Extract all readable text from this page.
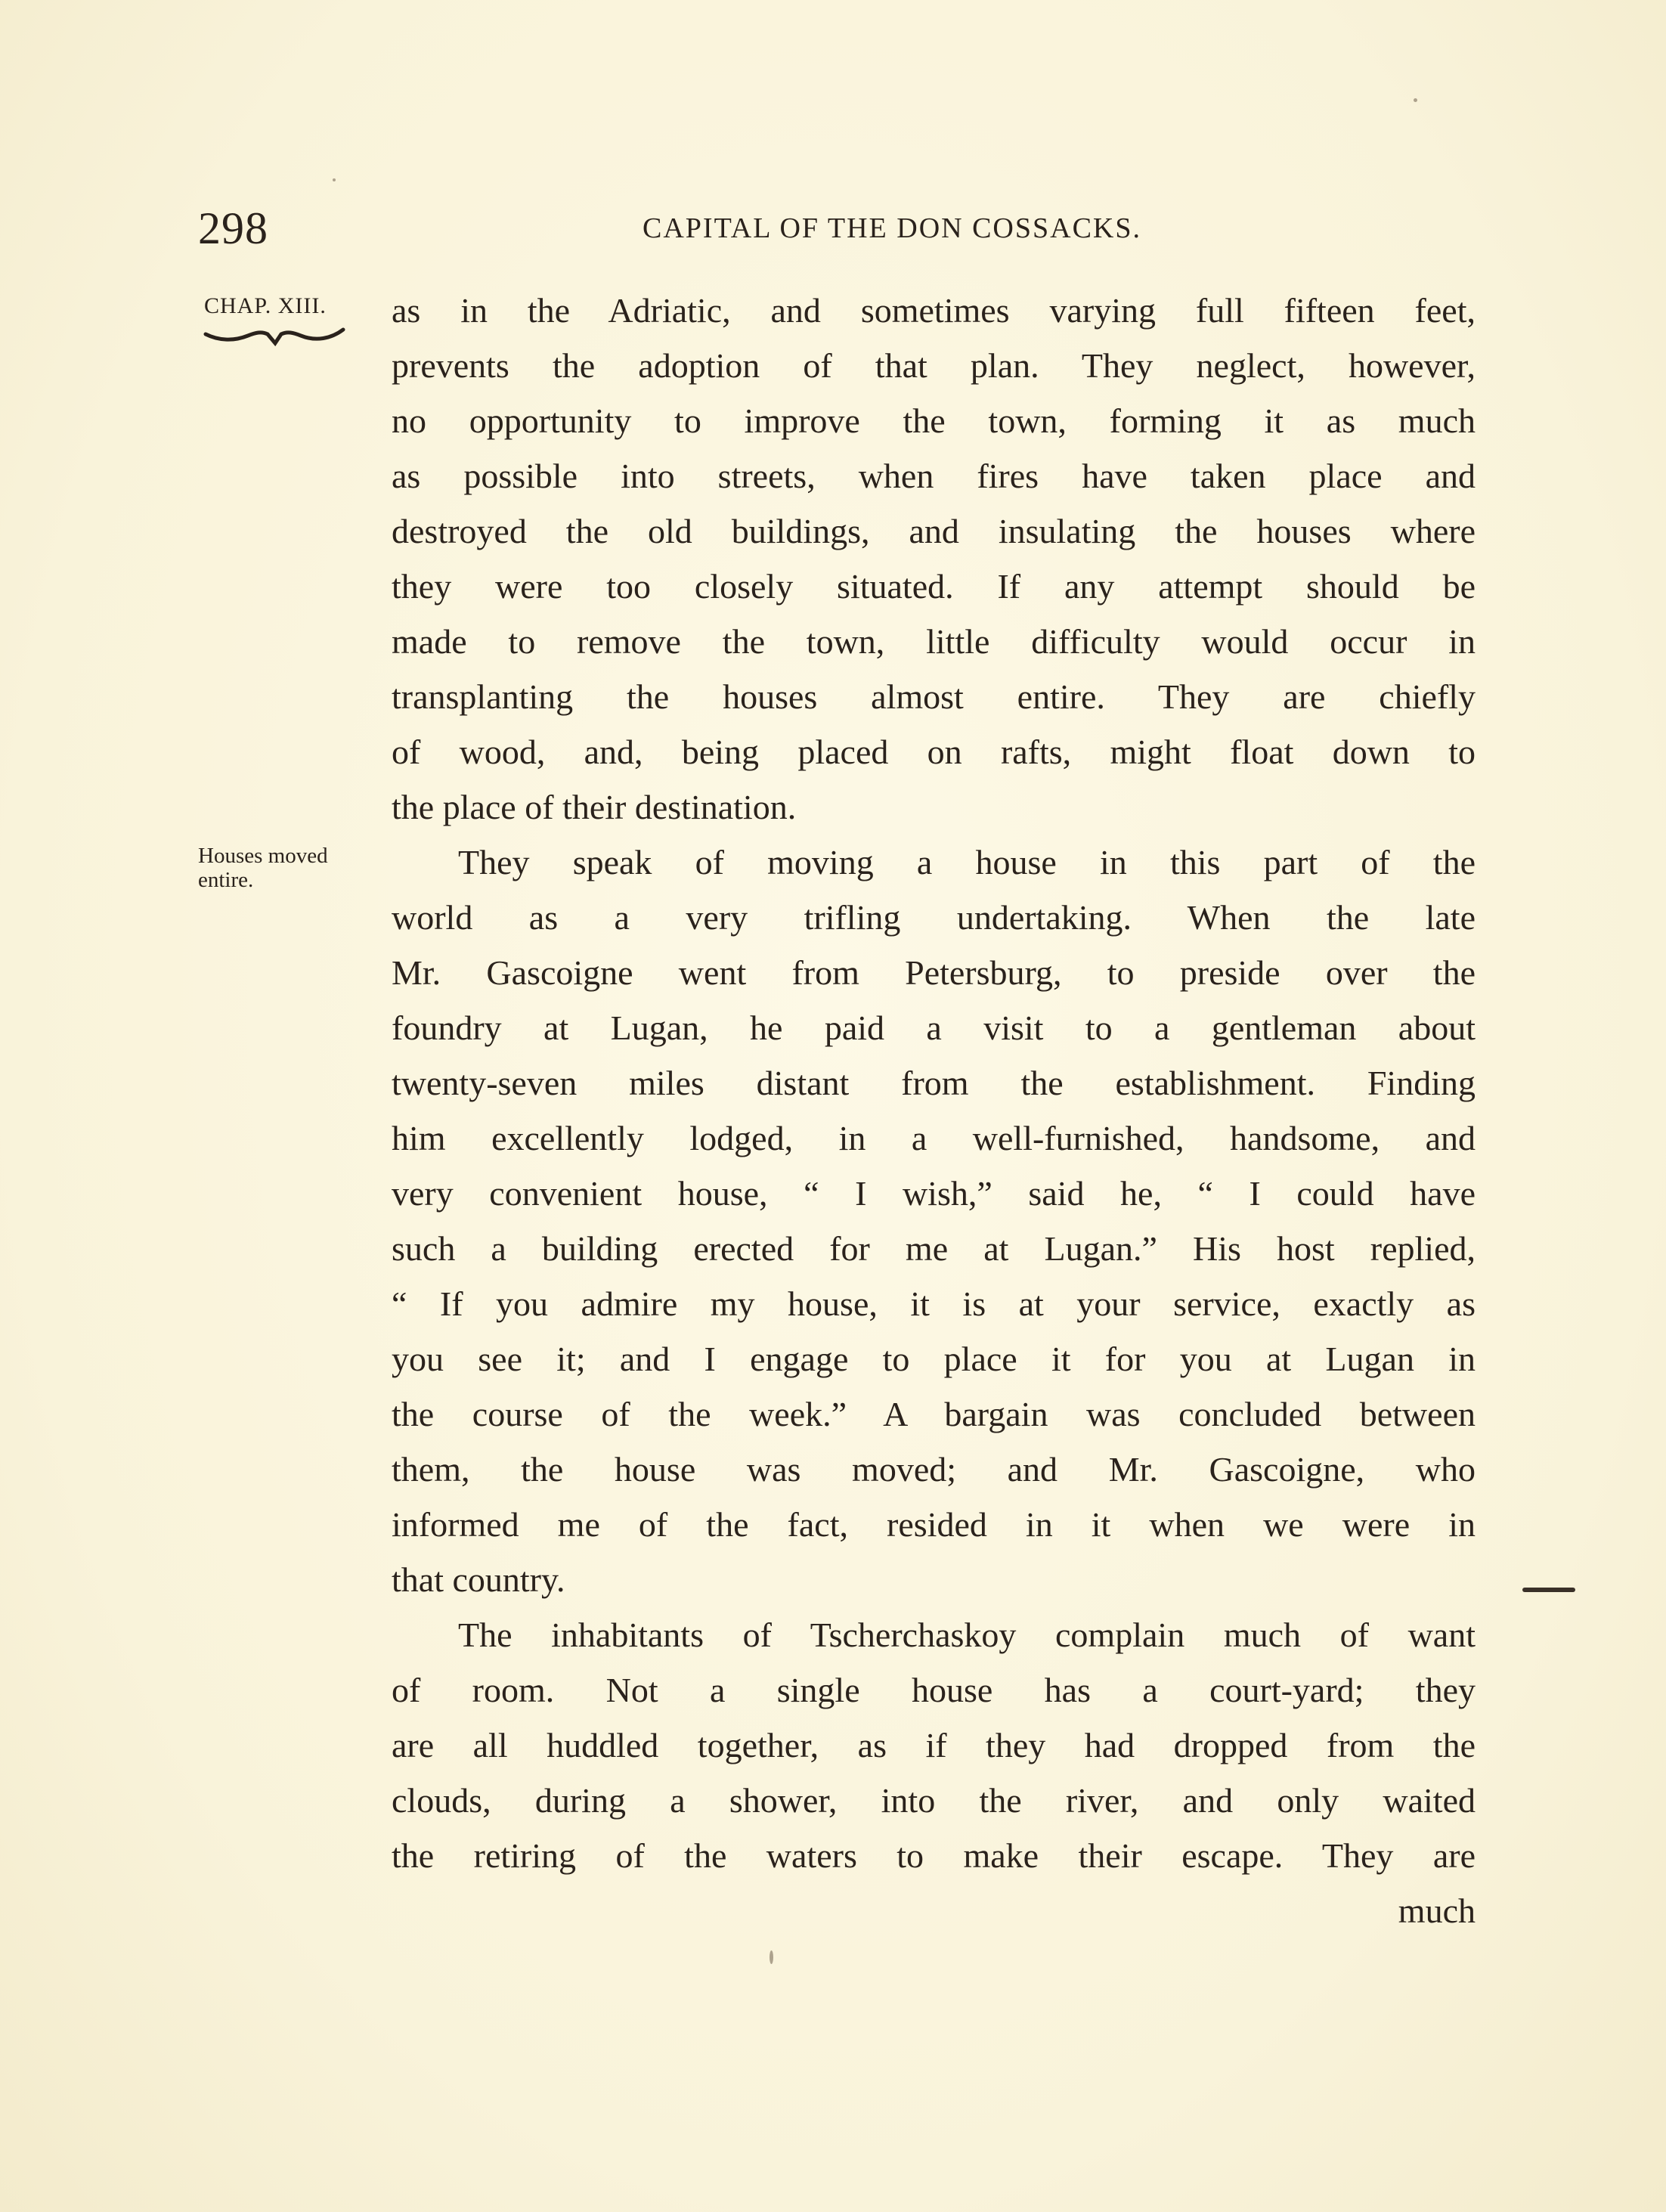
298	CAPITAL OF THE DON COSSACKS.
CHAP. XIII.
Houses moved entire.
as in the Adriatic, and sometimes varying full fifteen feet,
prevents the adoption of that plan. They neglect, however,
no opportunity to improve the town, forming it as much
as possible into streets, when fires have taken place and
destroyed the old buildings, and insulating the houses where
they were too closely situated. If any attempt should be
made to remove the town, little difficulty would occur in
transplanting the houses almost entire. They are chiefly
of wood, and, being placed on rafts, might float down to
the place of their destination.
They speak of moving a house in this part of the
world as a very trifling undertaking. When the late
Mr. Gascoigne went from Petersburg, to preside over the
foundry at Lugan, he paid a visit to a gentleman about
twenty-seven miles distant from the establishment. Finding
him excellently lodged, in a well-furnished, handsome, and
very convenient house, “ I wish,” said he, “ I could have
such a building erected for me at Lugan.” His host replied,
“ If you admire my house, it is at your service, exactly as
you see it; and I engage to place it for you at Lugan in
the course of the week.” A bargain was concluded between
them, the house was moved; and Mr. Gascoigne, who
informed me of the fact, resided in it when we were in
that country.
The inhabitants of Tscherchaskoy complain much of want
of room. Not a single house has a court-yard; they
are all huddled together, as if they had dropped from the
clouds, during a shower, into the river, and only waited
the retiring of the waters to make their escape. They are
much
